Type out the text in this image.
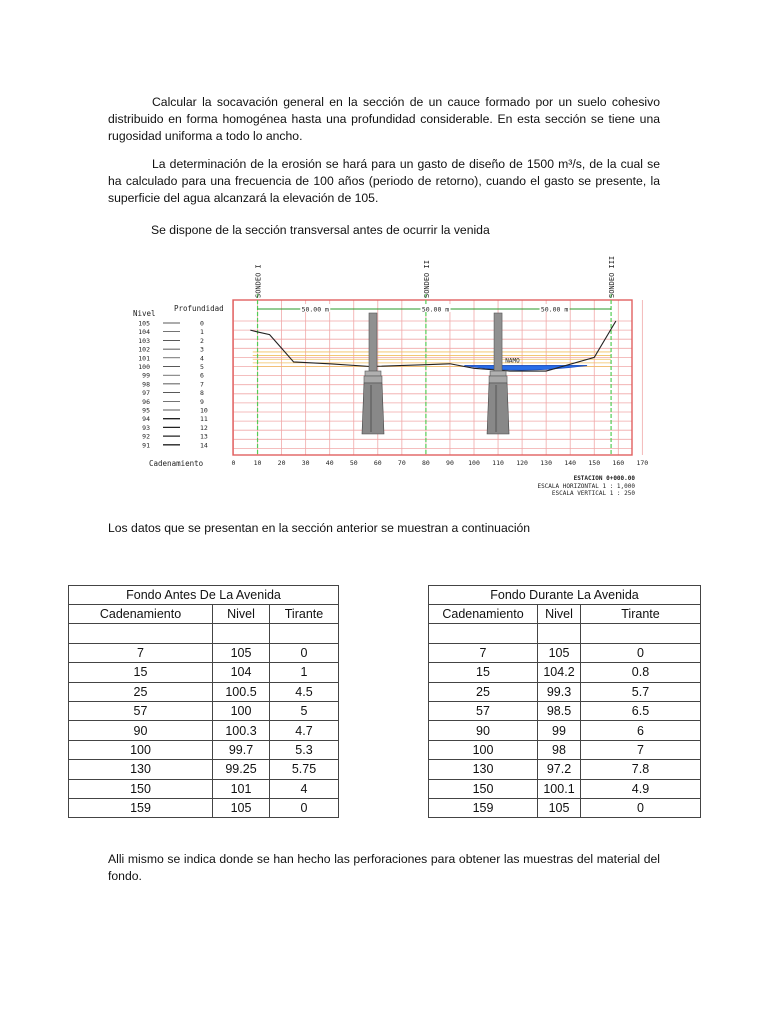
Calcular la socavación general en la sección de un cauce formado por un suelo cohesivo distribuido en forma homogénea hasta una profundidad considerable. En esta sección se tiene una rugosidad uniforma a todo lo ancho.

La determinación de la erosión se hará para un gasto de diseño de 1500 m³/s, de la cual se ha calculado para una frecuencia de 100 años (periodo de retorno), cuando el gasto se presente, la superficie del agua alcanzará la elevación de 105.

Se dispone de la sección transversal antes de ocurrir la venida

NAMO
SONDEO I	SONDEO II	SONDEO III
50.00 m	50.00 m	50.00 m
Nivel
Profundidad
105	0
104	1
103	2
102	3
101	4
100	5
99	6
98	7
97	8
96	9
95	10
94	11
93	12
92	13
91	14
Cadenamiento	0	10 20 30 40 50 60 70 80 90 100 110 120 130 140 150 160 170
ESTACION 0+000.00
ESCALA HORIZONTAL 1 : 1,000
ESCALA VERTICAL 1 : 250

Los datos que se presentan en la sección anterior se muestran a continuación

Fondo Antes De La Avenida		
Cadenamiento	Nivel	Tirante

7	105	0
15	104	1
25	100.5	4.5
57	100	5
90	100.3	4.7
100	99.7	5.3
130	99.25	5.75
150	101	4
159	105	0
Fondo Durante La Avenida		
Cadenamiento	Nivel	Tirante

7	105	0
15	104.2	0.8
25	99.3	5.7
57	98.5	6.5
90	99	6
100	98	7
130	97.2	7.8
150	100.1	4.9
159	105	0

Alli mismo se indica donde se han hecho las perforaciones para obtener las muestras del material del fondo.
